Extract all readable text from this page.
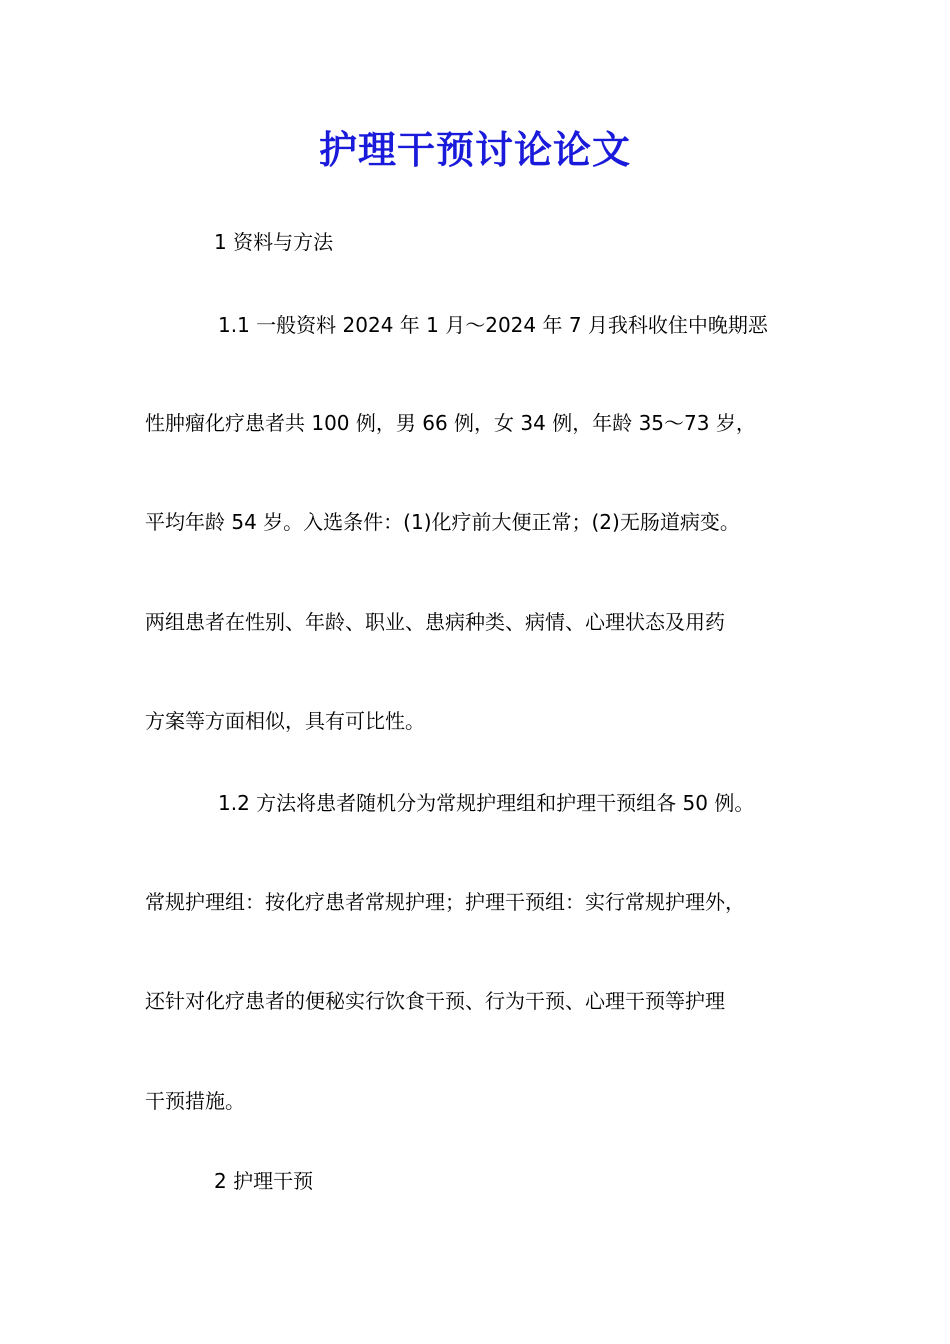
护理干预讨论论文
1 资料与方法
1.1 一般资料 2024 年 1 月～2024 年 7 月我科收住中晚期恶
性肿瘤化疗患者共 100 例，男 66 例，女 34 例，年龄 35～73 岁，
平均年龄 54 岁。入选条件：(1)化疗前大便正常；(2)无肠道病变。
两组患者在性别、年龄、职业、患病种类、病情、心理状态及用药
方案等方面相似，具有可比性。
1.2 方法将患者随机分为常规护理组和护理干预组各 50 例。
常规护理组：按化疗患者常规护理；护理干预组：实行常规护理外，
还针对化疗患者的便秘实行饮食干预、行为干预、心理干预等护理
干预措施。
2 护理干预
